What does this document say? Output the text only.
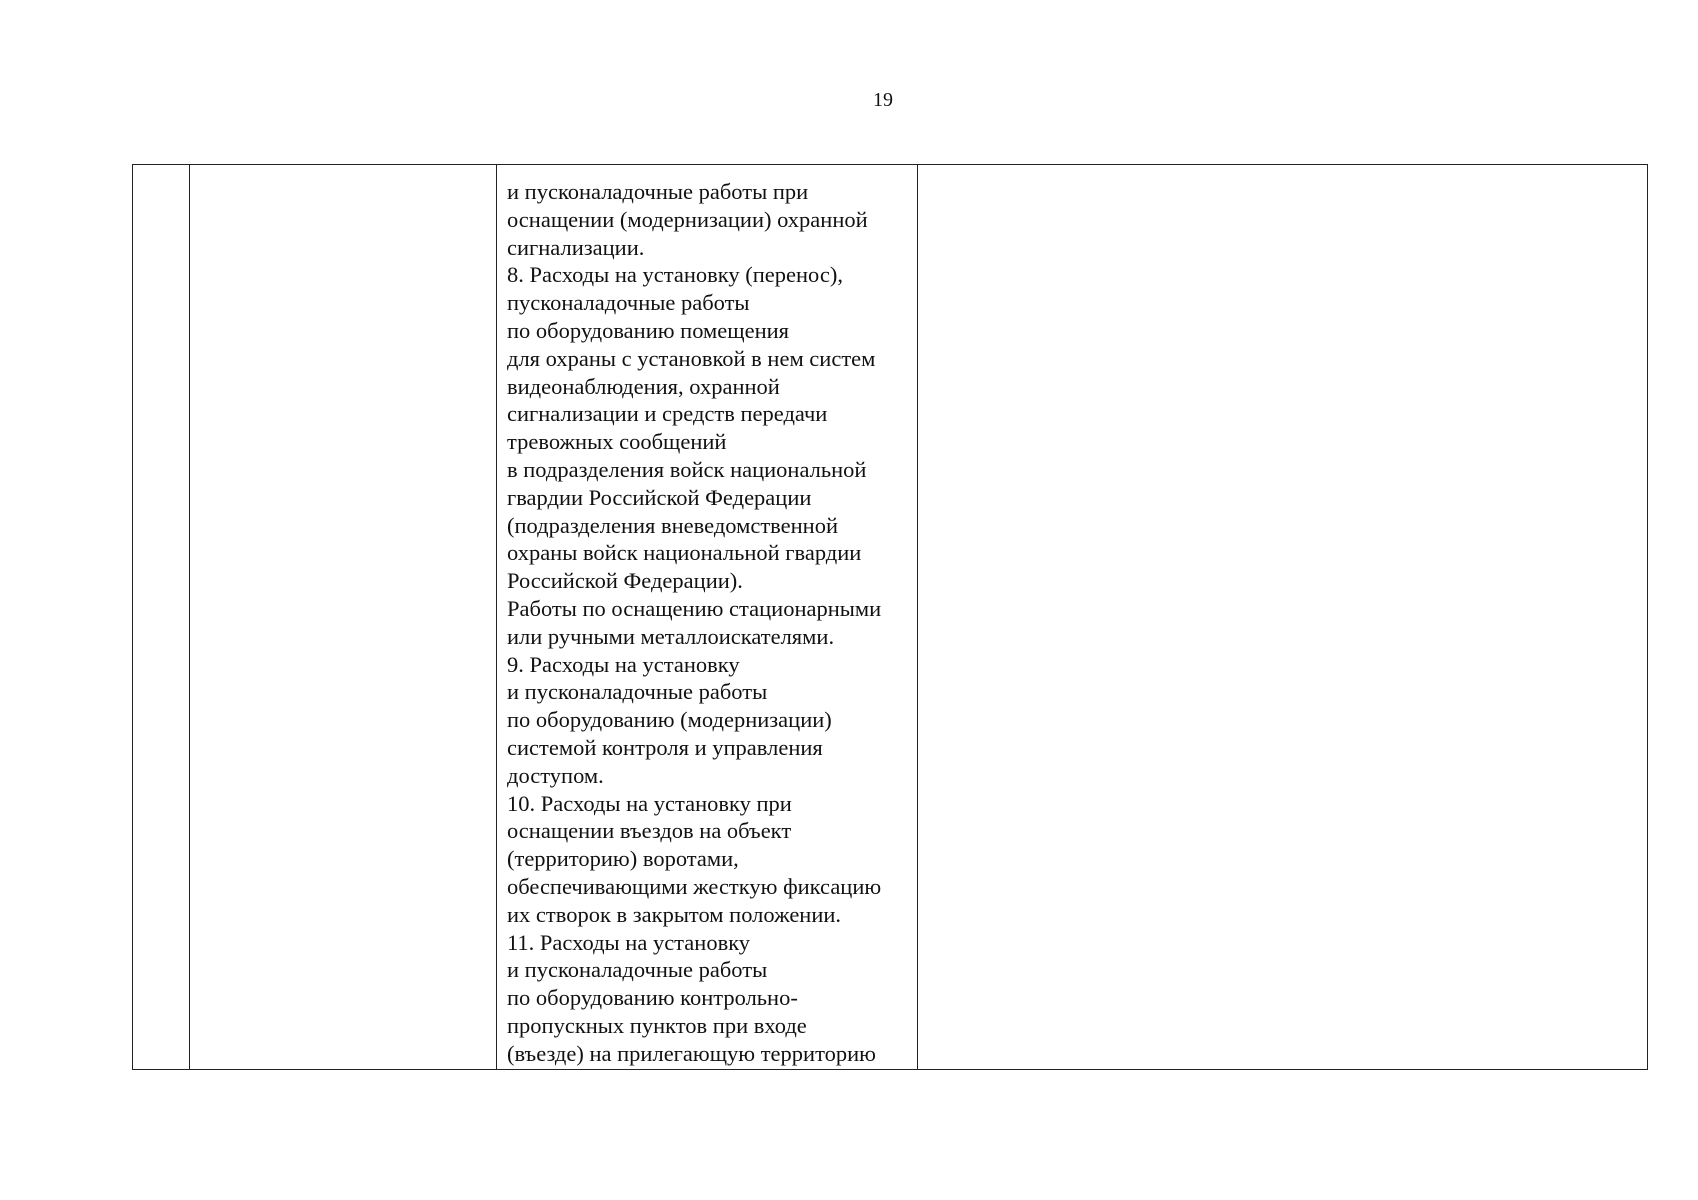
19

и пусконаладочные работы при
оснащении (модернизации) охранной
сигнализации.
8. Расходы на установку (перенос),
пусконаладочные работы
по оборудованию помещения
для охраны с установкой в нем систем
видеонаблюдения, охранной
сигнализации и средств передачи
тревожных сообщений
в подразделения войск национальной
гвардии Российской Федерации
(подразделения вневедомственной
охраны войск национальной гвардии
Российской Федерации).
Работы по оснащению стационарными
или ручными металлоискателями.
9. Расходы на установку
и пусконаладочные работы
по оборудованию (модернизации)
системой контроля и управления
доступом.
10. Расходы на установку при
оснащении въездов на объект
(территорию) воротами,
обеспечивающими жесткую фиксацию
их створок в закрытом положении.
11. Расходы на установку
и пусконаладочные работы
по оборудованию контрольно-
пропускных пунктов при входе
(въезде) на прилегающую территорию
